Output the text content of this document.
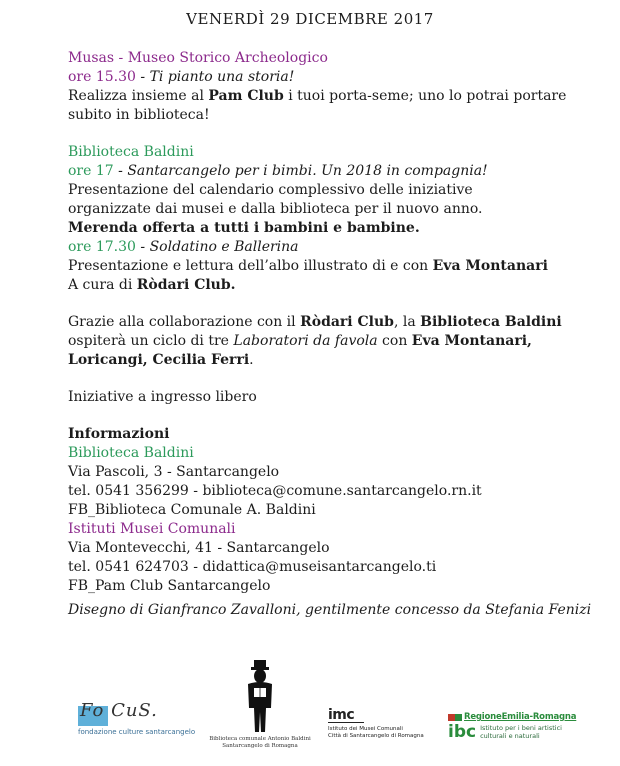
VENERDÌ 29 DICEMBRE 2017

Musas - Museo Storico Archeologico

ore 15.30 - Ti pianto una storia!

Realizza insieme al Pam Club i tuoi porta-seme; uno lo potrai portare

subito in biblioteca!

Biblioteca Baldini

ore 17 - Santarcangelo per i bimbi. Un 2018 in compagnia!

Presentazione del calendario complessivo delle iniziative

organizzate dai musei e dalla biblioteca per il nuovo anno.

Merenda offerta a tutti i bambini e bambine.

ore 17.30 - Soldatino e Ballerina

Presentazione e lettura dell’albo illustrato di e con Eva Montanari

A cura di Ròdari Club.

Grazie alla collaborazione con il Ròdari Club, la Biblioteca Baldini

ospiterà un ciclo di tre Laboratori da favola con Eva Montanari,

Loricangi, Cecilia Ferri.

Iniziative a ingresso libero

Informazioni

Biblioteca Baldini

Via Pascoli, 3 - Santarcangelo

tel. 0541 356299 - biblioteca@comune.santarcangelo.rn.it

FB_Biblioteca Comunale A. Baldini

Istituti Musei Comunali

Via Montevecchi, 41 - Santarcangelo

tel. 0541 624703 - didattica@museisantarcangelo.ti

FB_Pam Club Santarcangelo

Disegno di Gianfranco Zavalloni, gentilmente concesso da Stefania Fenizi
Fo CuS.
fondazione culture santarcangelo
Biblioteca comunale Antonio Baldini
Santarcangelo di Romagna
imc
Istituto dei Musei Comunali
Città di Santarcangelo di Romagna
RegioneEmilia-Romagna
ibc Istituto per i beni artistici
culturali e naturali
